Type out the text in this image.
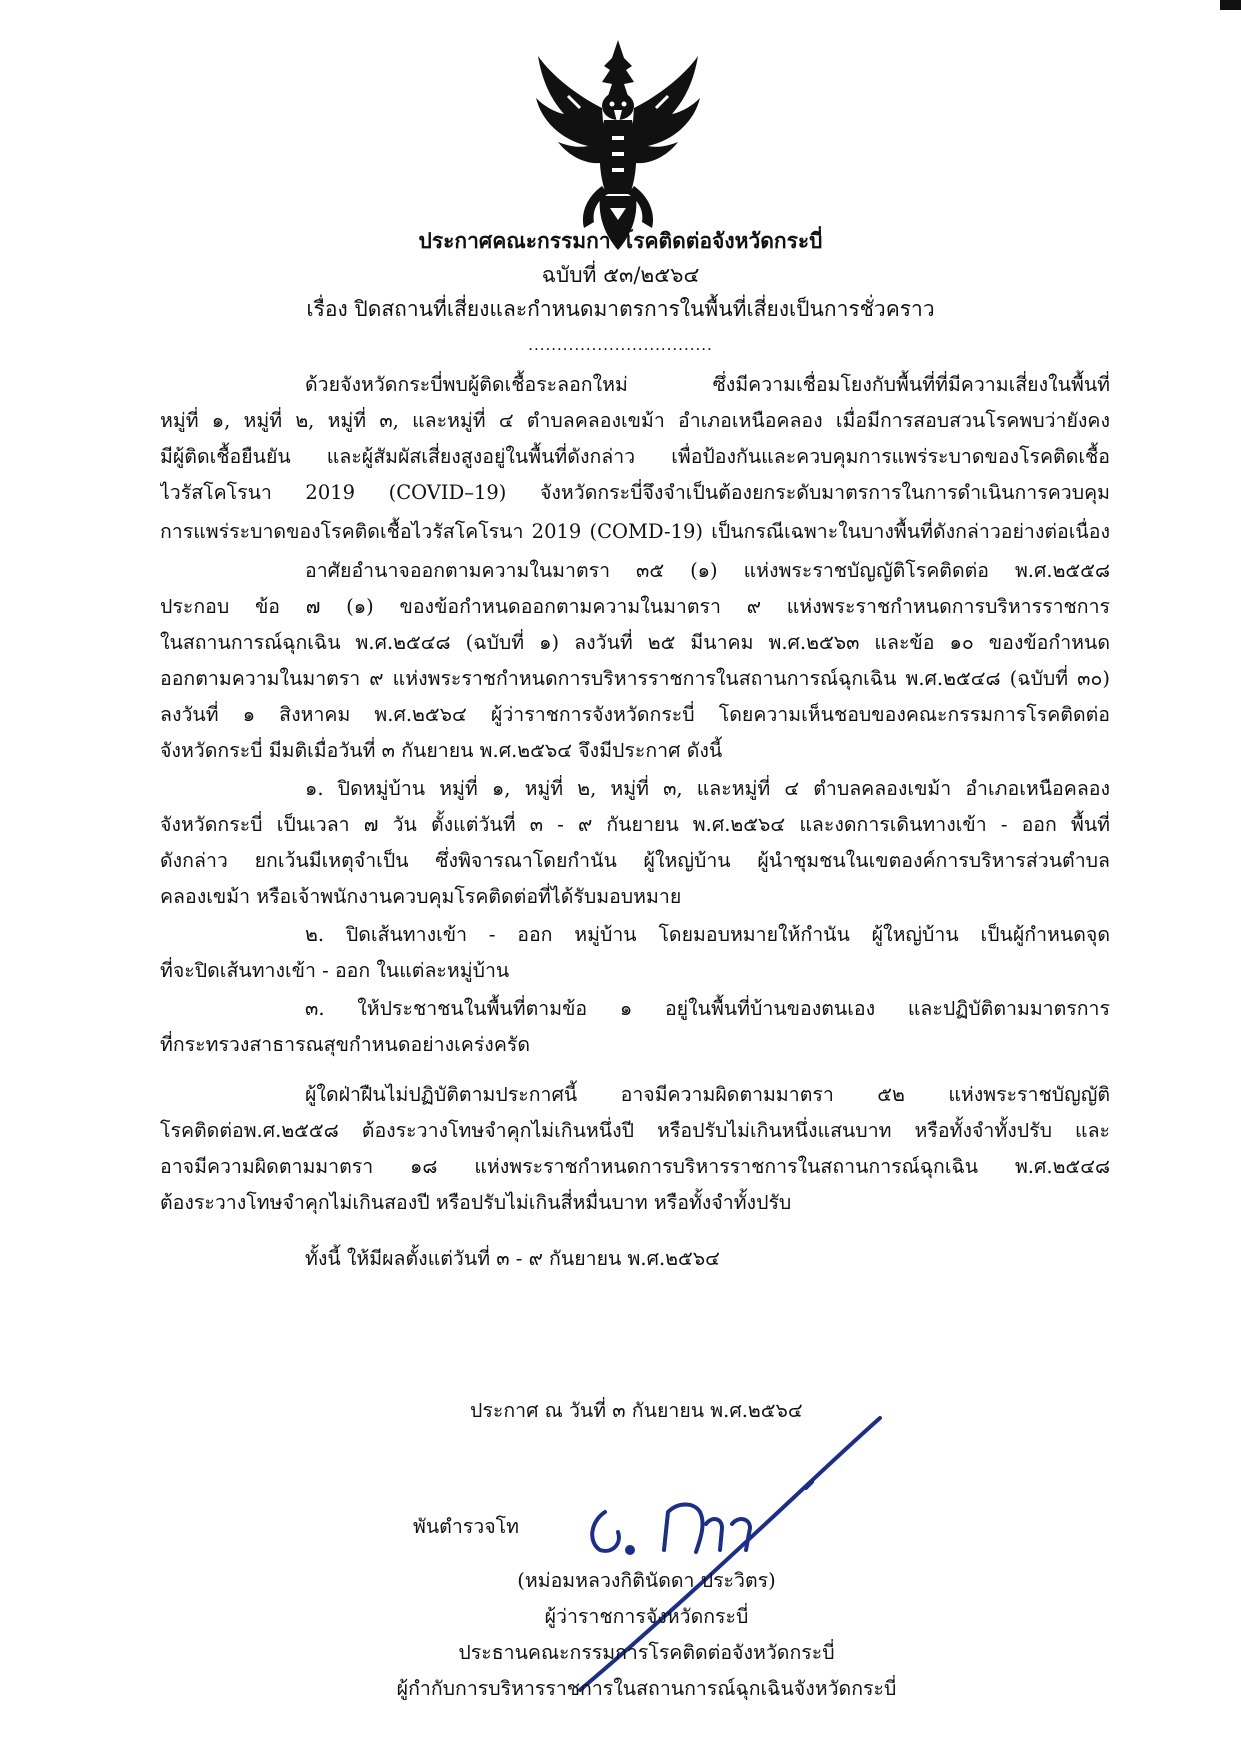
ประกาศคณะกรรมการโรคติดต่อจังหวัดกระบี่
ฉบับที่ ๕๓/๒๕๖๔
เรื่อง ปิดสถานที่เสี่ยงและกำหนดมาตรการในพื้นที่เสี่ยงเป็นการชั่วคราว
................................
ด้วยจังหวัดกระบี่พบผู้ติดเชื้อระลอกใหม่ ซึ่งมีความเชื่อมโยงกับพื้นที่ที่มีความเสี่ยงในพื้นที่
หมู่ที่ ๑, หมู่ที่ ๒, หมู่ที่ ๓, และหมู่ที่ ๔ ตำบลคลองเขม้า อำเภอเหนือคลอง เมื่อมีการสอบสวนโรคพบว่ายังคง
มีผู้ติดเชื้อยืนยัน และผู้สัมผัสเสี่ยงสูงอยู่ในพื้นที่ดังกล่าว เพื่อป้องกันและควบคุมการแพร่ระบาดของโรคติดเชื้อ
ไวรัสโคโรนา 2019 (COVID–19) จังหวัดกระบี่จึงจำเป็นต้องยกระดับมาตรการในการดำเนินการควบคุม
การแพร่ระบาดของโรคติดเชื้อไวรัสโคโรนา 2019 (COMD-19) เป็นกรณีเฉพาะในบางพื้นที่ดังกล่าวอย่างต่อเนื่อง
อาศัยอำนาจออกตามความในมาตรา ๓๕ (๑) แห่งพระราชบัญญัติโรคติดต่อ พ.ศ.๒๕๕๘
ประกอบ ข้อ ๗ (๑) ของข้อกำหนดออกตามความในมาตรา ๙ แห่งพระราชกำหนดการบริหารราชการ
ในสถานการณ์ฉุกเฉิน พ.ศ.๒๕๔๘ (ฉบับที่ ๑) ลงวันที่ ๒๕ มีนาคม พ.ศ.๒๕๖๓ และข้อ ๑๐ ของข้อกำหนด
ออกตามความในมาตรา ๙ แห่งพระราชกำหนดการบริหารราชการในสถานการณ์ฉุกเฉิน พ.ศ.๒๕๔๘ (ฉบับที่ ๓๐)
ลงวันที่ ๑ สิงหาคม พ.ศ.๒๕๖๔ ผู้ว่าราชการจังหวัดกระบี่ โดยความเห็นชอบของคณะกรรมการโรคติดต่อ
จังหวัดกระบี่ มีมติเมื่อวันที่ ๓ กันยายน พ.ศ.๒๕๖๔ จึงมีประกาศ ดังนี้
๑. ปิดหมู่บ้าน หมู่ที่ ๑, หมู่ที่ ๒, หมู่ที่ ๓, และหมู่ที่ ๔ ตำบลคลองเขม้า อำเภอเหนือคลอง
จังหวัดกระบี่ เป็นเวลา ๗ วัน ตั้งแต่วันที่ ๓ - ๙ กันยายน พ.ศ.๒๕๖๔ และงดการเดินทางเข้า - ออก พื้นที่
ดังกล่าว ยกเว้นมีเหตุจำเป็น ซึ่งพิจารณาโดยกำนัน ผู้ใหญ่บ้าน ผู้นำชุมชนในเขตองค์การบริหารส่วนตำบล
คลองเขม้า หรือเจ้าพนักงานควบคุมโรคติดต่อที่ได้รับมอบหมาย
๒. ปิดเส้นทางเข้า - ออก หมู่บ้าน โดยมอบหมายให้กำนัน ผู้ใหญ่บ้าน เป็นผู้กำหนดจุด
ที่จะปิดเส้นทางเข้า - ออก ในแต่ละหมู่บ้าน
๓. ให้ประชาชนในพื้นที่ตามข้อ ๑ อยู่ในพื้นที่บ้านของตนเอง และปฏิบัติตามมาตรการ
ที่กระทรวงสาธารณสุขกำหนดอย่างเคร่งครัด
ผู้ใดฝ่าฝืนไม่ปฏิบัติตามประกาศนี้ อาจมีความผิดตามมาตรา ๕๒ แห่งพระราชบัญญัติ
โรคติดต่อพ.ศ.๒๕๕๘ ต้องระวางโทษจำคุกไม่เกินหนึ่งปี หรือปรับไม่เกินหนึ่งแสนบาท หรือทั้งจำทั้งปรับ และ
อาจมีความผิดตามมาตรา ๑๘ แห่งพระราชกำหนดการบริหารราชการในสถานการณ์ฉุกเฉิน พ.ศ.๒๕๔๘
ต้องระวางโทษจำคุกไม่เกินสองปี หรือปรับไม่เกินสี่หมื่นบาท หรือทั้งจำทั้งปรับ
ทั้งนี้ ให้มีผลตั้งแต่วันที่ ๓ - ๙ กันยายน พ.ศ.๒๕๖๔
ประกาศ ณ วันที่ ๓ กันยายน พ.ศ.๒๕๖๔
พันตำรวจโท
(หม่อมหลวงกิตินัดดา ประวิตร)
ผู้ว่าราชการจังหวัดกระบี่
ประธานคณะกรรมการโรคติดต่อจังหวัดกระบี่
ผู้กำกับการบริหารราชการในสถานการณ์ฉุกเฉินจังหวัดกระบี่
